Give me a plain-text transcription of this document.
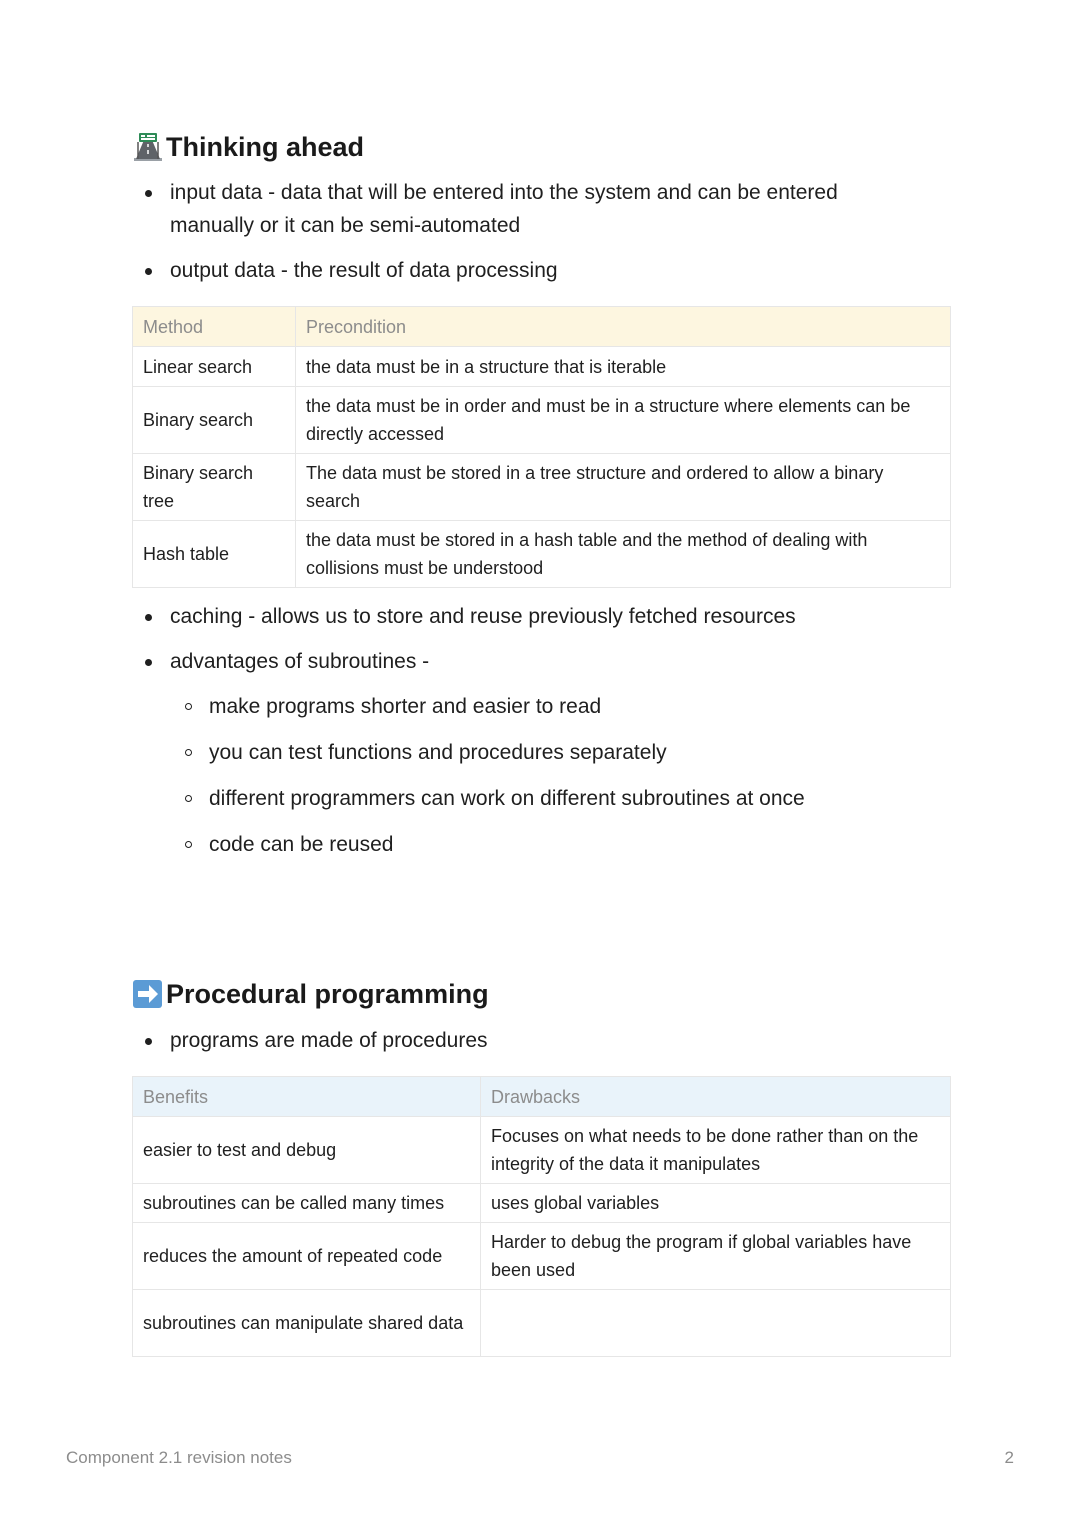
Thinking ahead
input data - data that will be entered into the system and can be entered manually or it can be semi-automated
output data - the result of data processing
Method	Precondition
Linear search	the data must be in a structure that is iterable
Binary search	the data must be in order and must be in a structure where elements can be directly accessed
Binary search tree	The data must be stored in a tree structure and ordered to allow a binary search
Hash table	the data must be stored in a hash table and the method of dealing with collisions must be understood
caching - allows us to store and reuse previously fetched resources
advantages of subroutines -
make programs shorter and easier to read
you can test functions and procedures separately
different programmers can work on different subroutines at once
code can be reused
Procedural programming
programs are made of procedures
Benefits	Drawbacks
easier to test and debug	Focuses on what needs to be done rather than on the integrity of the data it manipulates
subroutines can be called many times	uses global variables
reduces the amount of repeated code	Harder to debug the program if global variables have been used
subroutines can manipulate shared data	
Component 2.1 revision notes	2
